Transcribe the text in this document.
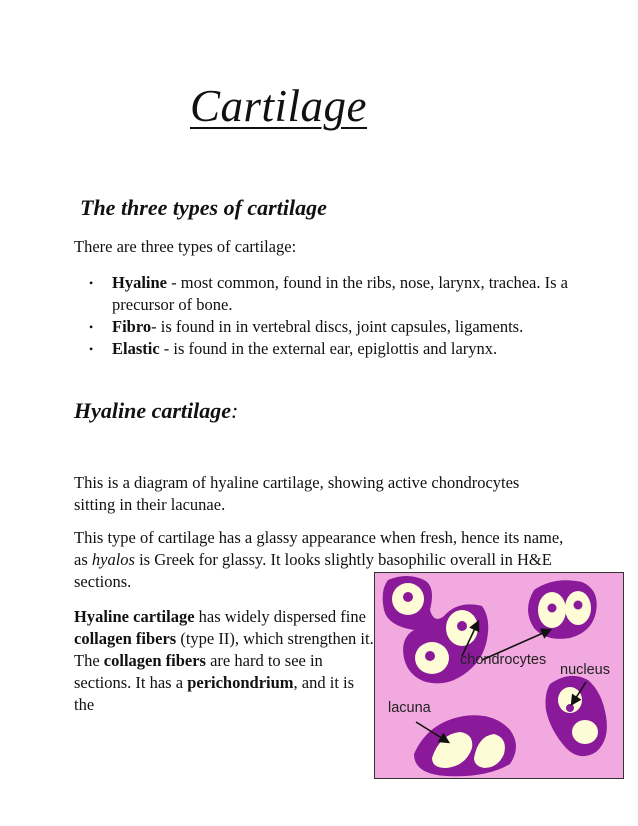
Cartilage
The three types of cartilage

There are three types of cartilage:

• Hyaline - most common, found in the ribs, nose, larynx, trachea. Is a precursor of bone.
• Fibro- is found in in vertebral discs, joint capsules, ligaments.
• Elastic - is found in the external ear, epiglottis and larynx.
Hyaline cartilage:

This is a diagram of hyaline cartilage, showing active chondrocytes sitting in their lacunae.

This type of cartilage has a glassy appearance when fresh, hence its name, as hyalos is Greek for glassy. It looks slightly basophilic overall in H&E sections.

Hyaline cartilage has widely dispersed fine collagen fibers (type II), which strengthen it. The collagen fibers are hard to see in sections. It has a perichondrium, and it is the

chondrocytes
nucleus
lacuna
